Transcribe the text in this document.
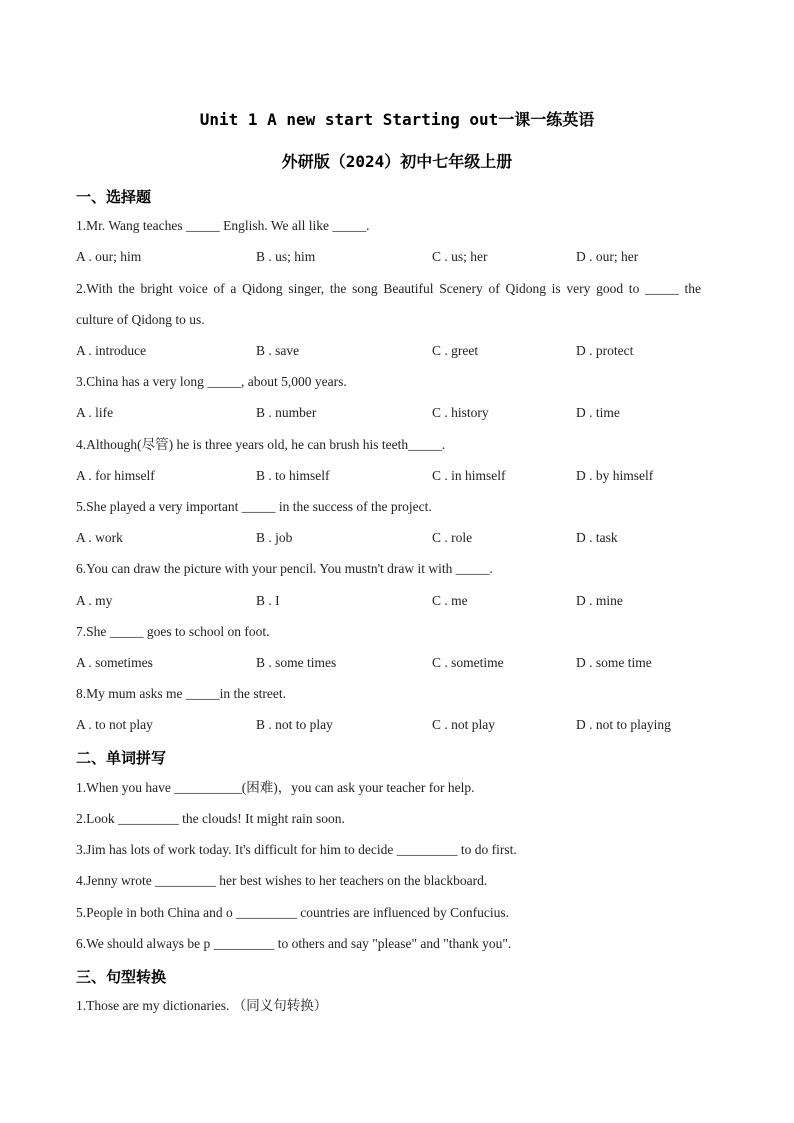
Unit 1 A new start Starting out一课一练英语
外研版（2024）初中七年级上册
一、选择题
1.Mr. Wang teaches _____ English. We all like _____.
A . our; him	B . us; him	C . us; her	D . our; her
2.With the bright voice of a Qidong singer, the song Beautiful Scenery of Qidong is very good to _____ the
culture of Qidong to us.
A . introduce	B . save	C . greet	D . protect
3.China has a very long _____, about 5,000 years.
A . life	B . number	C . history	D . time
4.Although(尽管) he is three years old, he can brush his teeth_____.
A . for himself	B . to himself	C . in himself	D . by himself
5.She played a very important _____ in the success of the project.
A . work	B . job	C . role	D . task
6.You can draw the picture with your pencil. You mustn't draw it with _____.
A . my	B . I	C . me	D . mine
7.She _____ goes to school on foot.
A . sometimes	B . some times	C . sometime	D . some time
8.My mum asks me _____in the street.
A . to not play	B . not to play	C . not play	D . not to playing
二、单词拼写
1.When you have __________(困难)，you can ask your teacher for help.
2.Look _________ the clouds! It might rain soon.
3.Jim has lots of work today. It's difficult for him to decide _________ to do first.
4.Jenny wrote _________ her best wishes to her teachers on the blackboard.
5.People in both China and o _________ countries are influenced by Confucius.
6.We should always be p _________ to others and say "please" and "thank you".
三、句型转换
1.Those are my dictionaries. （同义句转换）
